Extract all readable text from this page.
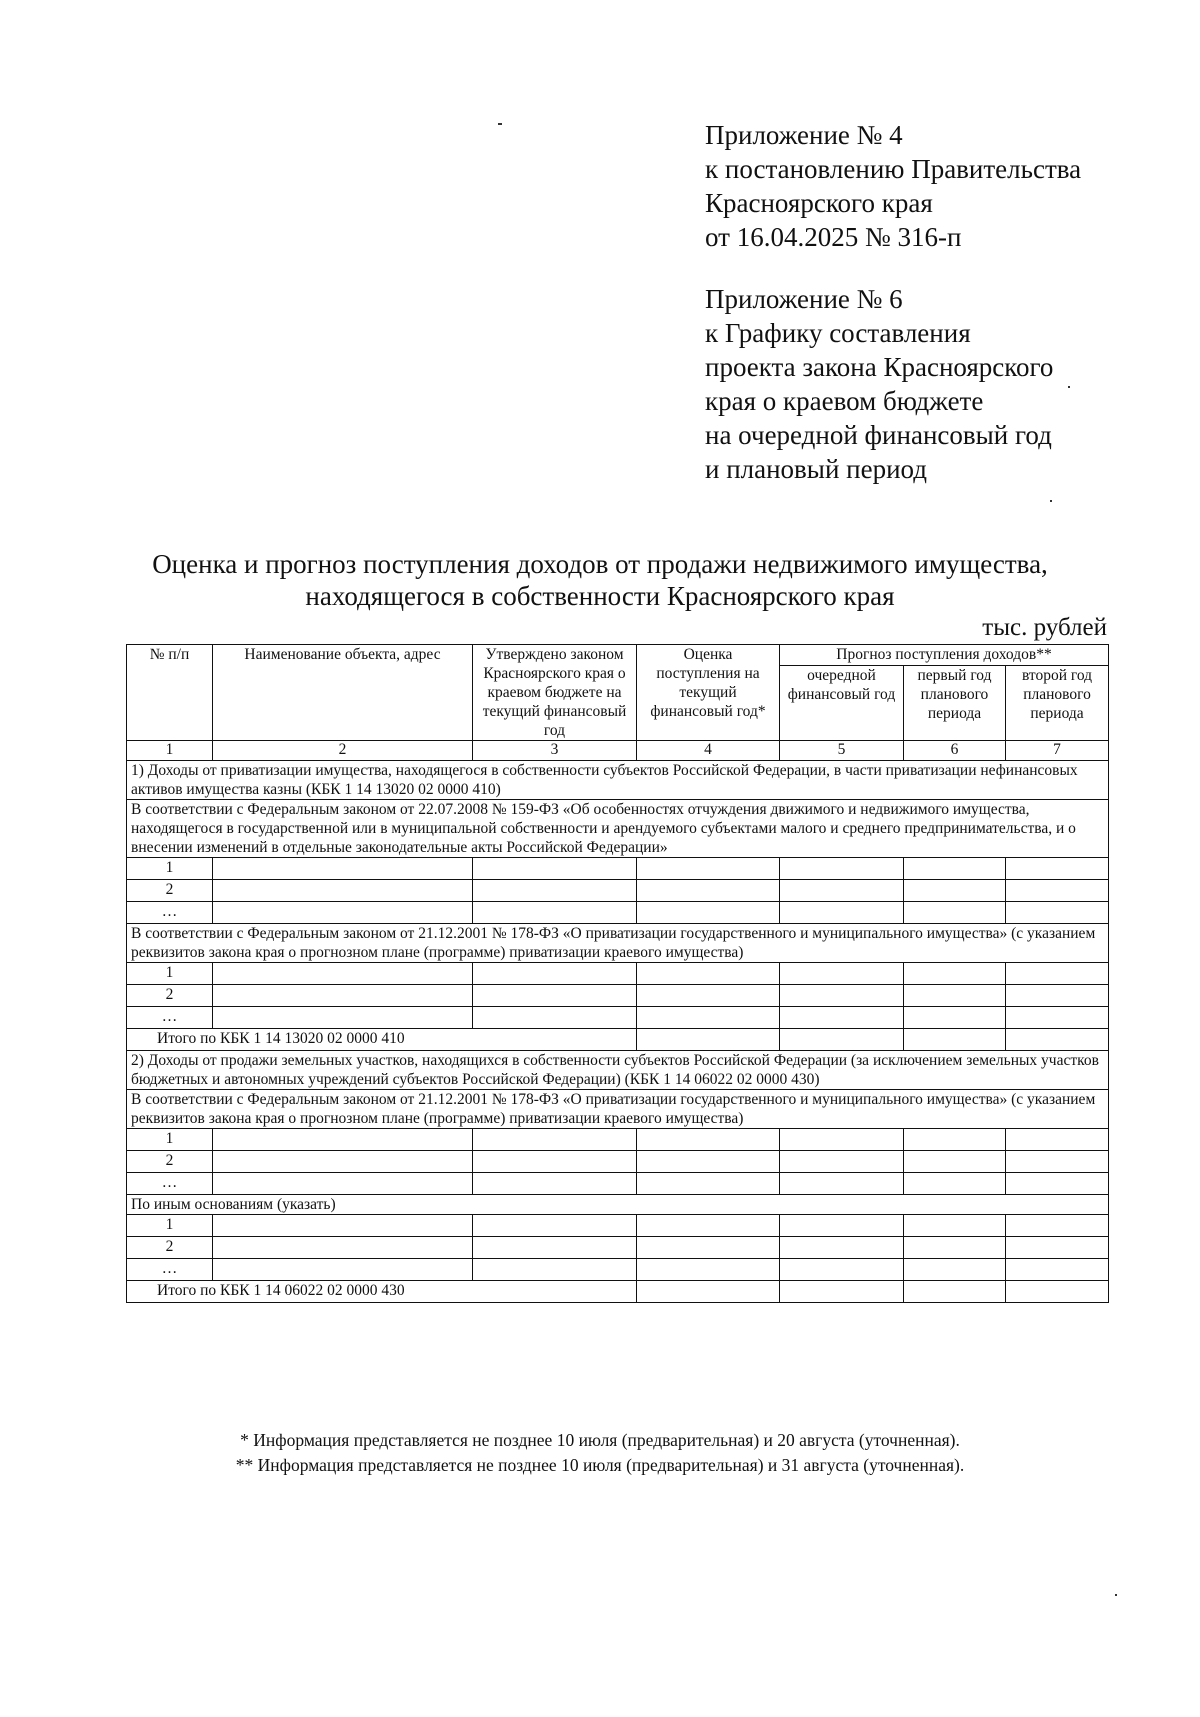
Приложение № 4
к постановлению Правительства
Красноярского края
от 16.04.2025 № 316-п
Приложение № 6
к Графику составления
проекта закона Красноярского
края о краевом бюджете
на очередной финансовый год
и плановый период
Оценка и прогноз поступления доходов от продажи недвижимого имущества,
находящегося в собственности Красноярского края
тыс. рублей
№ п/п	Наименование объекта, адрес	Утверждено законом Красноярского края о краевом бюджете на текущий финансовый год	Оценка поступления на текущий финансовый год*	Прогноз поступления доходов**		
				очередной финансовый год	первый год планового периода	второй год планового периода
1	2	3	4	5	6	7
1) Доходы от приватизации имущества, находящегося в собственности субъектов Российской Федерации, в части приватизации нефинансовых активов имущества казны (КБК 1 14 13020 02 0000 410)						
В соответствии с Федеральным законом от 22.07.2008 № 159-ФЗ «Об особенностях отчуждения движимого и недвижимого имущества, находящегося в государственной или в муниципальной собственности и арендуемого субъектами малого и среднего предпринимательства, и о внесении изменений в отдельные законодательные акты Российской Федерации»						
1						
2						
…						
В соответствии с Федеральным законом от 21.12.2001 № 178-ФЗ «О приватизации государственного и муниципального имущества» (с указанием реквизитов закона края о прогнозном плане (программе) приватизации краевого имущества)						
1						
2						
…						
Итого по КБК 1 14 13020 02 0000 410						
2) Доходы от продажи земельных участков, находящихся в собственности субъектов Российской Федерации (за исключением земельных участков бюджетных и автономных учреждений субъектов Российской Федерации) (КБК 1 14 06022 02 0000 430)						
В соответствии с Федеральным законом от 21.12.2001 № 178-ФЗ «О приватизации государственного и муниципального имущества» (с указанием реквизитов закона края о прогнозном плане (программе) приватизации краевого имущества)						
1						
2						
…						
По иным основаниям (указать)						
1						
2						
…						
Итого по КБК 1 14 06022 02 0000 430						
* Информация представляется не позднее 10 июля (предварительная) и 20 августа (уточненная).
** Информация представляется не позднее 10 июля (предварительная) и 31 августа (уточненная).
